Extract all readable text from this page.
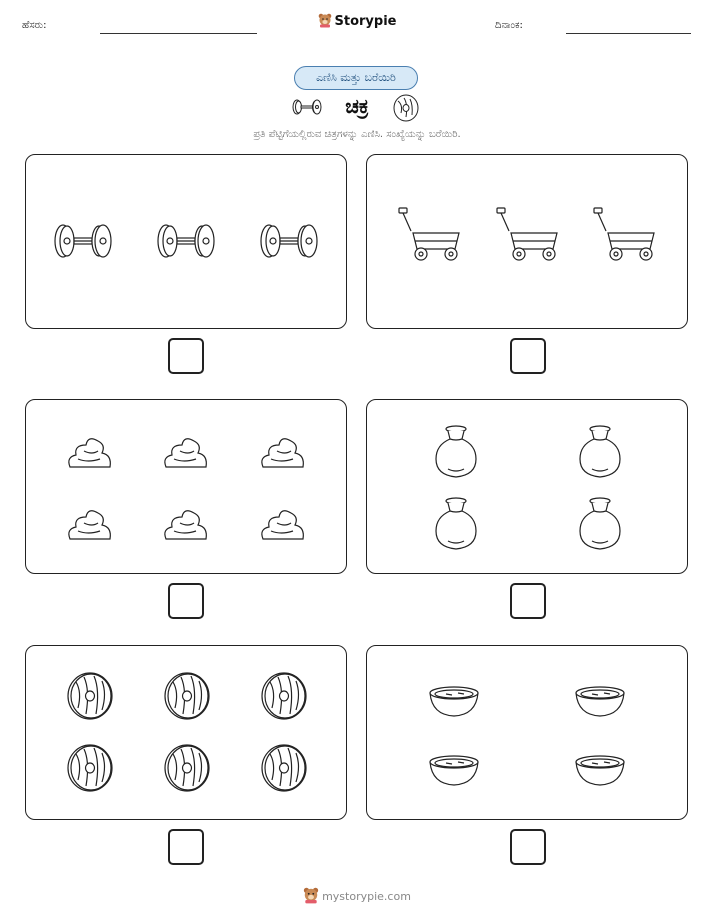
ಹೆಸರು:	Storypie	ದಿನಾಂಕ:
ಎಣಿಸಿ ಮತ್ತು ಬರೆಯಿರಿ
ಚಕ್ರ
ಪ್ರತಿ ಪೆಟ್ಟಿಗೆಯಲ್ಲಿರುವ ಚಿತ್ರಗಳನ್ನು ಎಣಿಸಿ. ಸಂಖ್ಯೆಯನ್ನು ಬರೆಯಿರಿ.
mystorypie.com
